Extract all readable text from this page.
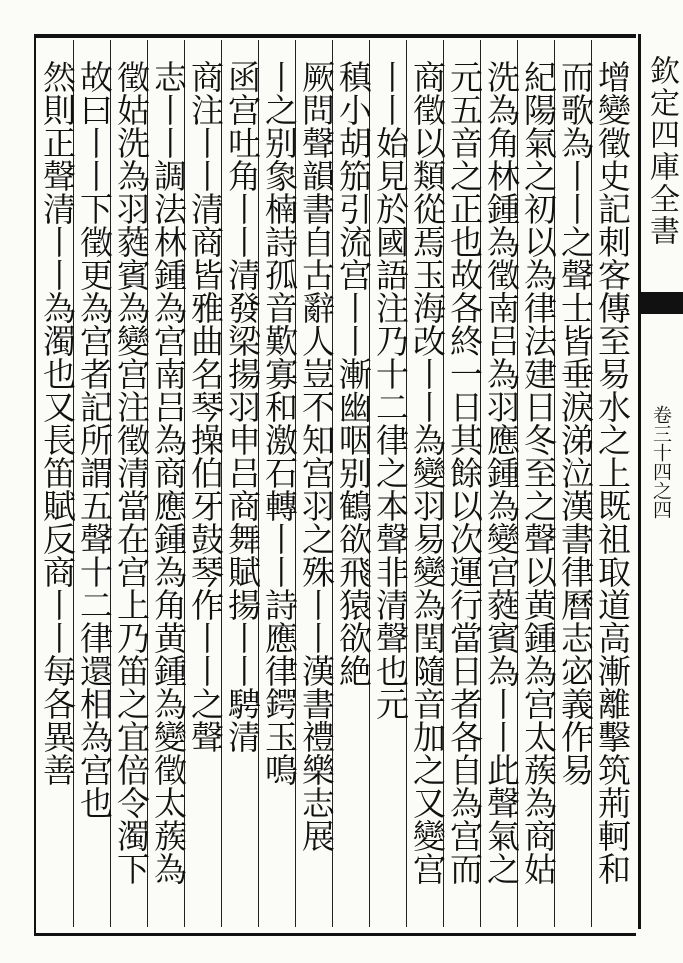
增變徵史記刺客傳至易水之上既祖取道高漸離擊筑荊軻和
而歌為丨丨之聲士皆垂淚涕泣漢書律曆志宓義作易
紀陽氣之初以為律法建日冬至之聲以黄鍾為宫太蔟為商姑
洗為角林鍾為徵南吕為羽應鍾為變宫蕤賓為丨丨此聲氣之
元五音之正也故各終一日其餘以次運行當日者各自為宫而
商徵以類從焉玉海改丨丨為變羽易變為閏隨音加之又變宫
丨丨始見於國語注乃十二律之本聲非清聲也元
稹小胡笳引流宫丨丨漸幽咽别鶴欲飛猿欲絶
厥問聲韻書自古辭人豈不知宫羽之殊丨丨漢書禮樂志展
丨之别𧰼楠詩孤音歎寡和激石轉丨丨詩應律鍔玉鳴
函宫吐角丨丨清發梁揚羽申吕商舞賦揚丨丨騁清
商注丨丨清商皆雅曲名琴操伯牙鼓琴作丨丨之聲
志丨丨調法林鍾為宫南吕為商應鍾為角黄鍾為變徵太蔟為
徵姑洗為羽蕤賓為變宫注徵清當在宫上乃笛之宜倍令濁下
故曰丨丨下徵更為宫者記所謂五聲十二律還相為宫也
然則正聲清丨丨為濁也又長笛賦反商丨丨每各異善	欽定四庫全書
卷三十四之四
